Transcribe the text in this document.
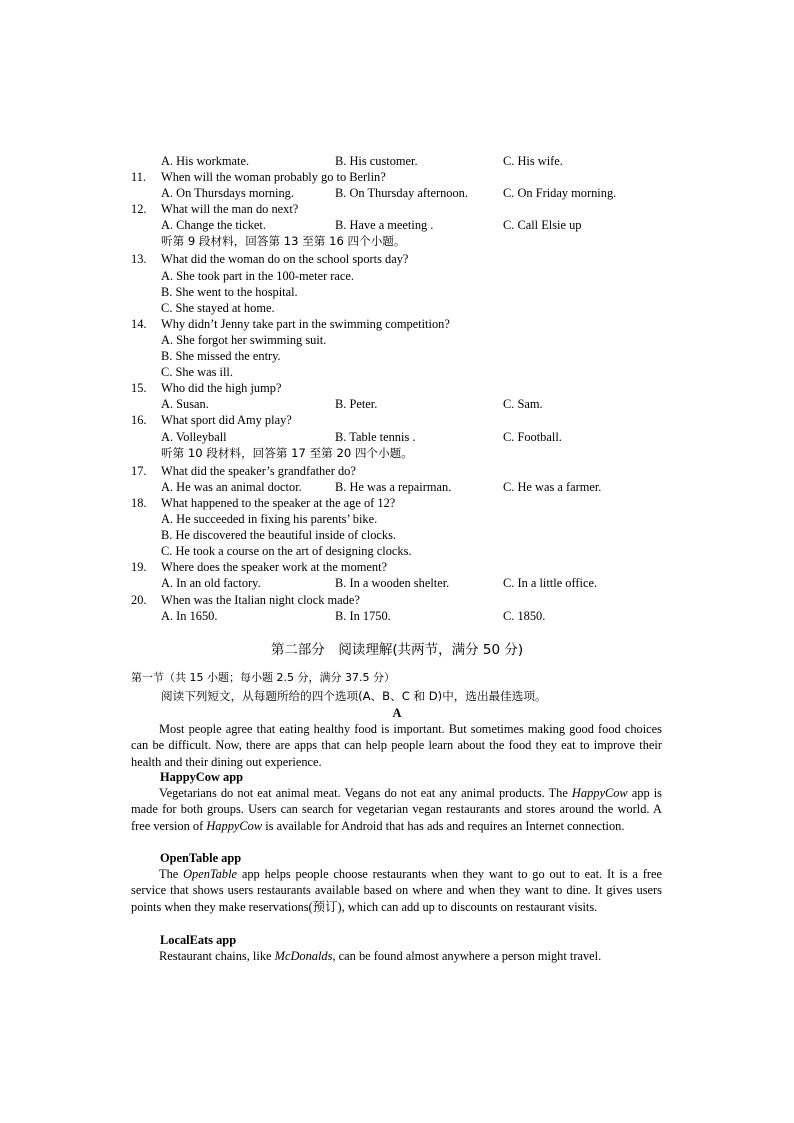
A. His workmate.	B. His customer.	C. His wife.
11. When will the woman probably go to Berlin?
A. On Thursdays morning.	B. On Thursday afternoon.	C. On Friday morning.
12. What will the man do next?
A. Change the ticket.	B. Have a meeting .	C. Call Elsie up
听第 9 段材料，回答第 13 至第 16 四个小题。
13. What did the woman do on the school sports day?
A. She took part in the 100-meter race.
B. She went to the hospital.
C. She stayed at home.
14. Why didn’t Jenny take part in the swimming competition?
A. She forgot her swimming suit.
B. She missed the entry.
C. She was ill.
15. Who did the high jump?
A. Susan.	B. Peter.	C. Sam.
16. What sport did Amy play?
A. Volleyball	B. Table tennis .	C. Football.
听第 10 段材料，回答第 17 至第 20 四个小题。
17. What did the speaker’s grandfather do?
A. He was an animal doctor.	B. He was a repairman.	C. He was a farmer.
18. What happened to the speaker at the age of 12?
A. He succeeded in fixing his parents’ bike.
B. He discovered the beautiful inside of clocks.
C. He took a course on the art of designing clocks.
19. Where does the speaker work at the moment?
A. In an old factory.	B. In a wooden shelter.	C. In a little office.
20. When was the Italian night clock made?
A. In 1650.	B. In 1750.	C. 1850.
第二部分　阅读理解(共两节，满分 50 分)
第一节（共 15 小题；每小题 2.5 分，满分 37.5 分）
阅读下列短文，从每题所给的四个选项(A、B、C 和 D)中，选出最佳选项。
A
Most people agree that eating healthy food is important. But sometimes making good food choices can be difficult. Now, there are apps that can help people learn about the food they eat to improve their health and their dining out experience.
HappyCow app
Vegetarians do not eat animal meat. Vegans do not eat any animal products. The HappyCow app is made for both groups. Users can search for vegetarian vegan restaurants and stores around the world. A free version of HappyCow is available for Android that has ads and requires an Internet connection.
OpenTable app
The OpenTable app helps people choose restaurants when they want to go out to eat. It is a free service that shows users restaurants available based on where and when they want to dine. It gives users points when they make reservations(预订), which can add up to discounts on restaurant visits.
LocalEats app
Restaurant chains, like McDonalds, can be found almost anywhere a person might travel.
